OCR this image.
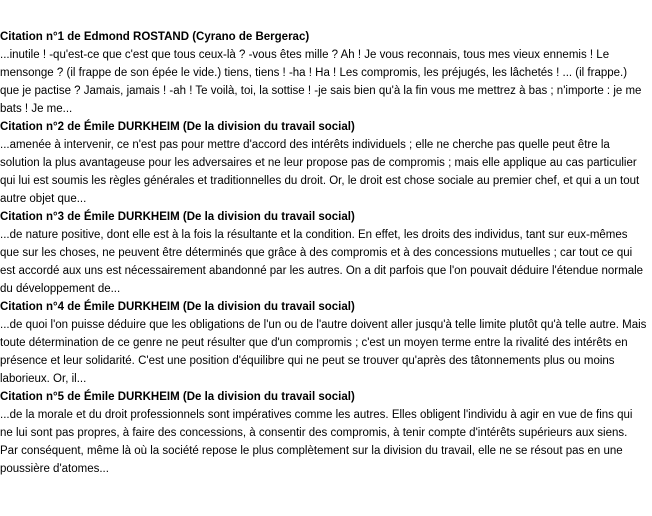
Citation n°1 de Edmond ROSTAND (Cyrano de Bergerac)

...inutile ! -qu'est-ce que c'est que tous ceux-là ? -vous êtes mille ? Ah ! Je vous reconnais, tous mes vieux ennemis ! Le mensonge ? (il frappe de son épée le vide.) tiens, tiens ! -ha ! Ha ! Les compromis, les préjugés, les lâchetés ! ... (il frappe.) que je pactise ? Jamais, jamais ! -ah ! Te voilà, toi, la sottise ! -je sais bien qu'à la fin vous me mettrez à bas ; n'importe : je me bats ! Je me...

Citation n°2 de Émile DURKHEIM (De la division du travail social)

...amenée à intervenir, ce n'est pas pour mettre d'accord des intérêts individuels ; elle ne cherche pas quelle peut être la solution la plus avantageuse pour les adversaires et ne leur propose pas de compromis ; mais elle applique au cas particulier qui lui est soumis les règles générales et traditionnelles du droit. Or, le droit est chose sociale au premier chef, et qui a un tout autre objet que...

Citation n°3 de Émile DURKHEIM (De la division du travail social)

...de nature positive, dont elle est à la fois la résultante et la condition. En effet, les droits des individus, tant sur eux-mêmes que sur les choses, ne peuvent être déterminés que grâce à des compromis et à des concessions mutuelles ; car tout ce qui est accordé aux uns est nécessairement abandonné par les autres. On a dit parfois que l'on pouvait déduire l'étendue normale du développement de...

Citation n°4 de Émile DURKHEIM (De la division du travail social)

...de quoi l'on puisse déduire que les obligations de l'un ou de l'autre doivent aller jusqu'à telle limite plutôt qu'à telle autre. Mais toute détermination de ce genre ne peut résulter que d'un compromis ; c'est un moyen terme entre la rivalité des intérêts en présence et leur solidarité. C'est une position d'équilibre qui ne peut se trouver qu'après des tâtonnements plus ou moins laborieux. Or, il...

Citation n°5 de Émile DURKHEIM (De la division du travail social)

...de la morale et du droit professionnels sont impératives comme les autres. Elles obligent l'individu à agir en vue de fins qui ne lui sont pas propres, à faire des concessions, à consentir des compromis, à tenir compte d'intérêts supérieurs aux siens. Par conséquent, même là où la société repose le plus complètement sur la division du travail, elle ne se résout pas en une poussière d'atomes...
